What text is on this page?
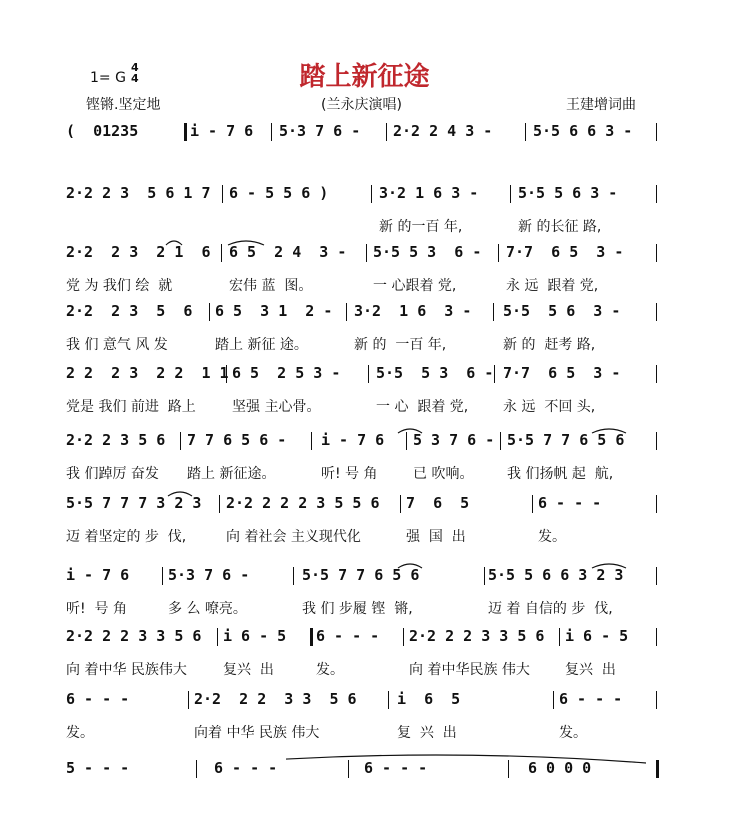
1= G
4
4
铿锵.坚定地
踏上新征途
(兰永庆演唱)	王建增词曲
(  01235	i - 7 6 5·3 7 6 - 2·2 2 4 3 -	5·5 6 6 3 -
2·2 2 3  5 6 1 7 6 - 5 5 6 )	3·2 1 6 3 -	5·5 5 6 3 -
新 的一百 年,	新 的长征 路,
2·2  2 3  2 1  6 6 5  2 4  3 - 5·5 5 3  6 - 7·7  6 5  3 -
党 为 我们 绘  就	宏伟 蓝  图。	一 心跟着 党,	永 远  跟着 党,
2·2  2 3  5  6 6 5  3 1  2 - 3·2  1 6  3 - 5·5  5 6  3 -
我 们 意气 风 发	踏上 新征 途。	新 的  一百 年,	新 的  赶考 路,
2 2  2 3  2 2  1 1 6 5  2 5 3 - 5·5  5 3  6 - 7·7  6 5  3 -
党是 我们 前进  路上	坚强 主心骨。	一 心  跟着 党, 永 远  不回 头,
2·2 2 3 5 6 7 7 6 5 6 - i - 7 6 5 3 7 6 - 5·5 7 7 6 5 6
我 们踔厉 奋发 踏上 新征途。	听! 号 角	已 吹响。 我 们扬帆 起  航,
5·5 7 7 7 3 2 3 2·2 2 2 2 3 5 5 6 7  6  5	6 - - -
迈 着坚定的 步  伐,	向 着社会 主义现代化	强  国  出	发。
i - 7 6	5·3 7 6 -	5·5 7 7 6 5 6	5·5 5 6 6 3 2 3
听!  号 角	多 么 嘹亮。	我 们 步履 铿  锵,	迈 着 自信的 步  伐,
2·2 2 2 3 3 5 6 i 6 - 5 6 - - - 2·2 2 2 3 3 5 6 i 6 - 5
向 着中华 民族伟大	复兴  出	发。	向 着中华民族 伟大	复兴  出
6 - - -	2·2  2 2  3 3  5 6	i  6  5	6 - - -
发。	向着 中华 民族 伟大	复  兴  出	发。
5 - - -	6 - - -	6 - - -	6 0 0 0
